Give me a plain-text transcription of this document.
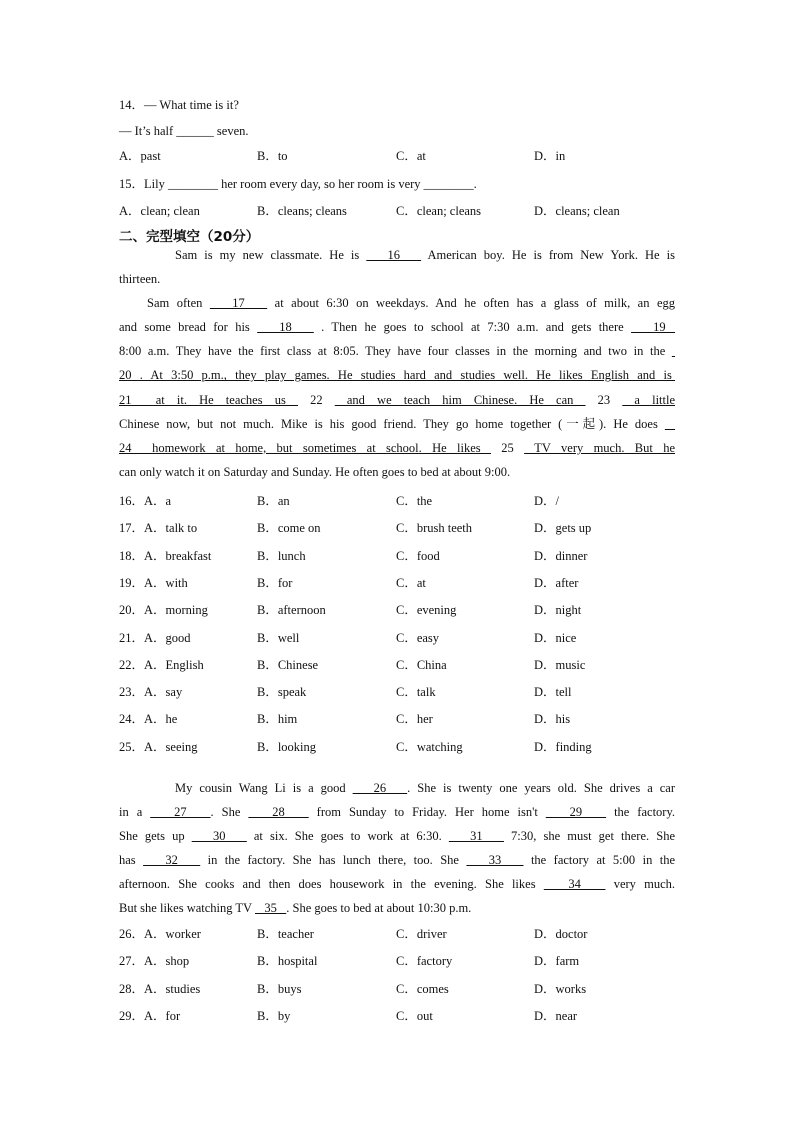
14．— What time is it?
— It’s half ______ seven.
A．past	B．to	C．at	D．in
15．Lily ________ her room every day, so her room is very ________.
A．clean; clean	B．cleans; cleans	C．clean; cleans	D．cleans; clean
二、完型填空（20分）
Sam is my new classmate. He is    16    American boy. He is from New York. He is
thirteen.
Sam often    17    at about 6:30 on weekdays. And he often has a glass of milk, an egg
and some bread for his    18    . Then he goes to school at 7:30 a.m. and gets there    19
8:00 a.m. They have the first class at 8:05. They have four classes in the morning and two in the
20 . At 3:50 p.m., they play games. He studies hard and studies well. He likes English and is
21  at it. He teaches us  22  and we teach him Chinese. He can  23  a little
Chinese now, but not much. Mike is his good friend. They go home together (一起). He does
24  homework at home, but sometimes at school. He likes  25  TV very much. But he
can only watch it on Saturday and Sunday. He often goes to bed at about 9:00.
16．A．a	B．an	C．the	D．/
17．A．talk to	B．come on	C．brush teeth	D．gets up
18．A．breakfast	B．lunch	C．food	D．dinner
19．A．with	B．for	C．at	D．after
20．A．morning	B．afternoon	C．evening	D．night
21．A．good	B．well	C．easy	D．nice
22．A．English	B．Chinese	C．China	D．music
23．A．say	B．speak	C．talk	D．tell
24．A．he	B．him	C．her	D．his
25．A．seeing	B．looking	C．watching	D．finding
My cousin Wang Li is a good    26   . She is twenty one years old. She drives a car
in a    27   . She    28    from Sunday to Friday. Her home isn't    29    the factory.
She gets up    30    at six. She goes to work at 6:30.    31    7:30, she must get there. She
has    32    in the factory. She has lunch there, too. She    33    the factory at 5:00 in the
afternoon. She cooks and then does housework in the evening. She likes    34    very much.
But she likes watching TV    35   . She goes to bed at about 10:30 p.m.
26．A．worker	B．teacher	C．driver	D．doctor
27．A．shop	B．hospital	C．factory	D．farm
28．A．studies	B．buys	C．comes	D．works
29．A．for	B．by	C．out	D．near
